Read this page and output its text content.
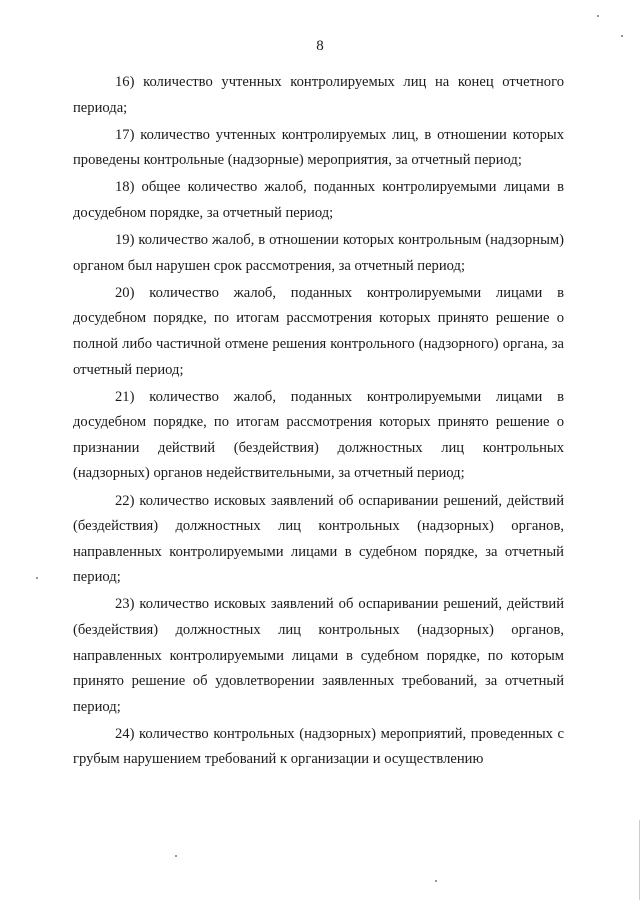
8

16) количество учтенных контролируемых лиц на конец отчетного периода;

17) количество учтенных контролируемых лиц, в отношении которых проведены контрольные (надзорные) мероприятия, за отчетный период;

18) общее количество жалоб, поданных контролируемыми лицами в досудебном порядке, за отчетный период;

19) количество жалоб, в отношении которых контрольным (надзорным) органом был нарушен срок рассмотрения, за отчетный период;

20) количество жалоб, поданных контролируемыми лицами в досудебном порядке, по итогам рассмотрения которых принято решение о полной либо частичной отмене решения контрольного (надзорного) органа, за отчетный период;

21) количество жалоб, поданных контролируемыми лицами в досудебном порядке, по итогам рассмотрения которых принято решение о признании действий (бездействия) должностных лиц контрольных (надзорных) органов недействительными, за отчетный период;

22) количество исковых заявлений об оспаривании решений, действий (бездействия) должностных лиц контрольных (надзорных) органов, направленных контролируемыми лицами в судебном порядке, за отчетный период;

23) количество исковых заявлений об оспаривании решений, действий (бездействия) должностных лиц контрольных (надзорных) органов, направленных контролируемыми лицами в судебном порядке, по которым принято решение об удовлетворении заявленных требований, за отчетный период;

24) количество контрольных (надзорных) мероприятий, проведенных с грубым нарушением требований к организации и осуществлению
